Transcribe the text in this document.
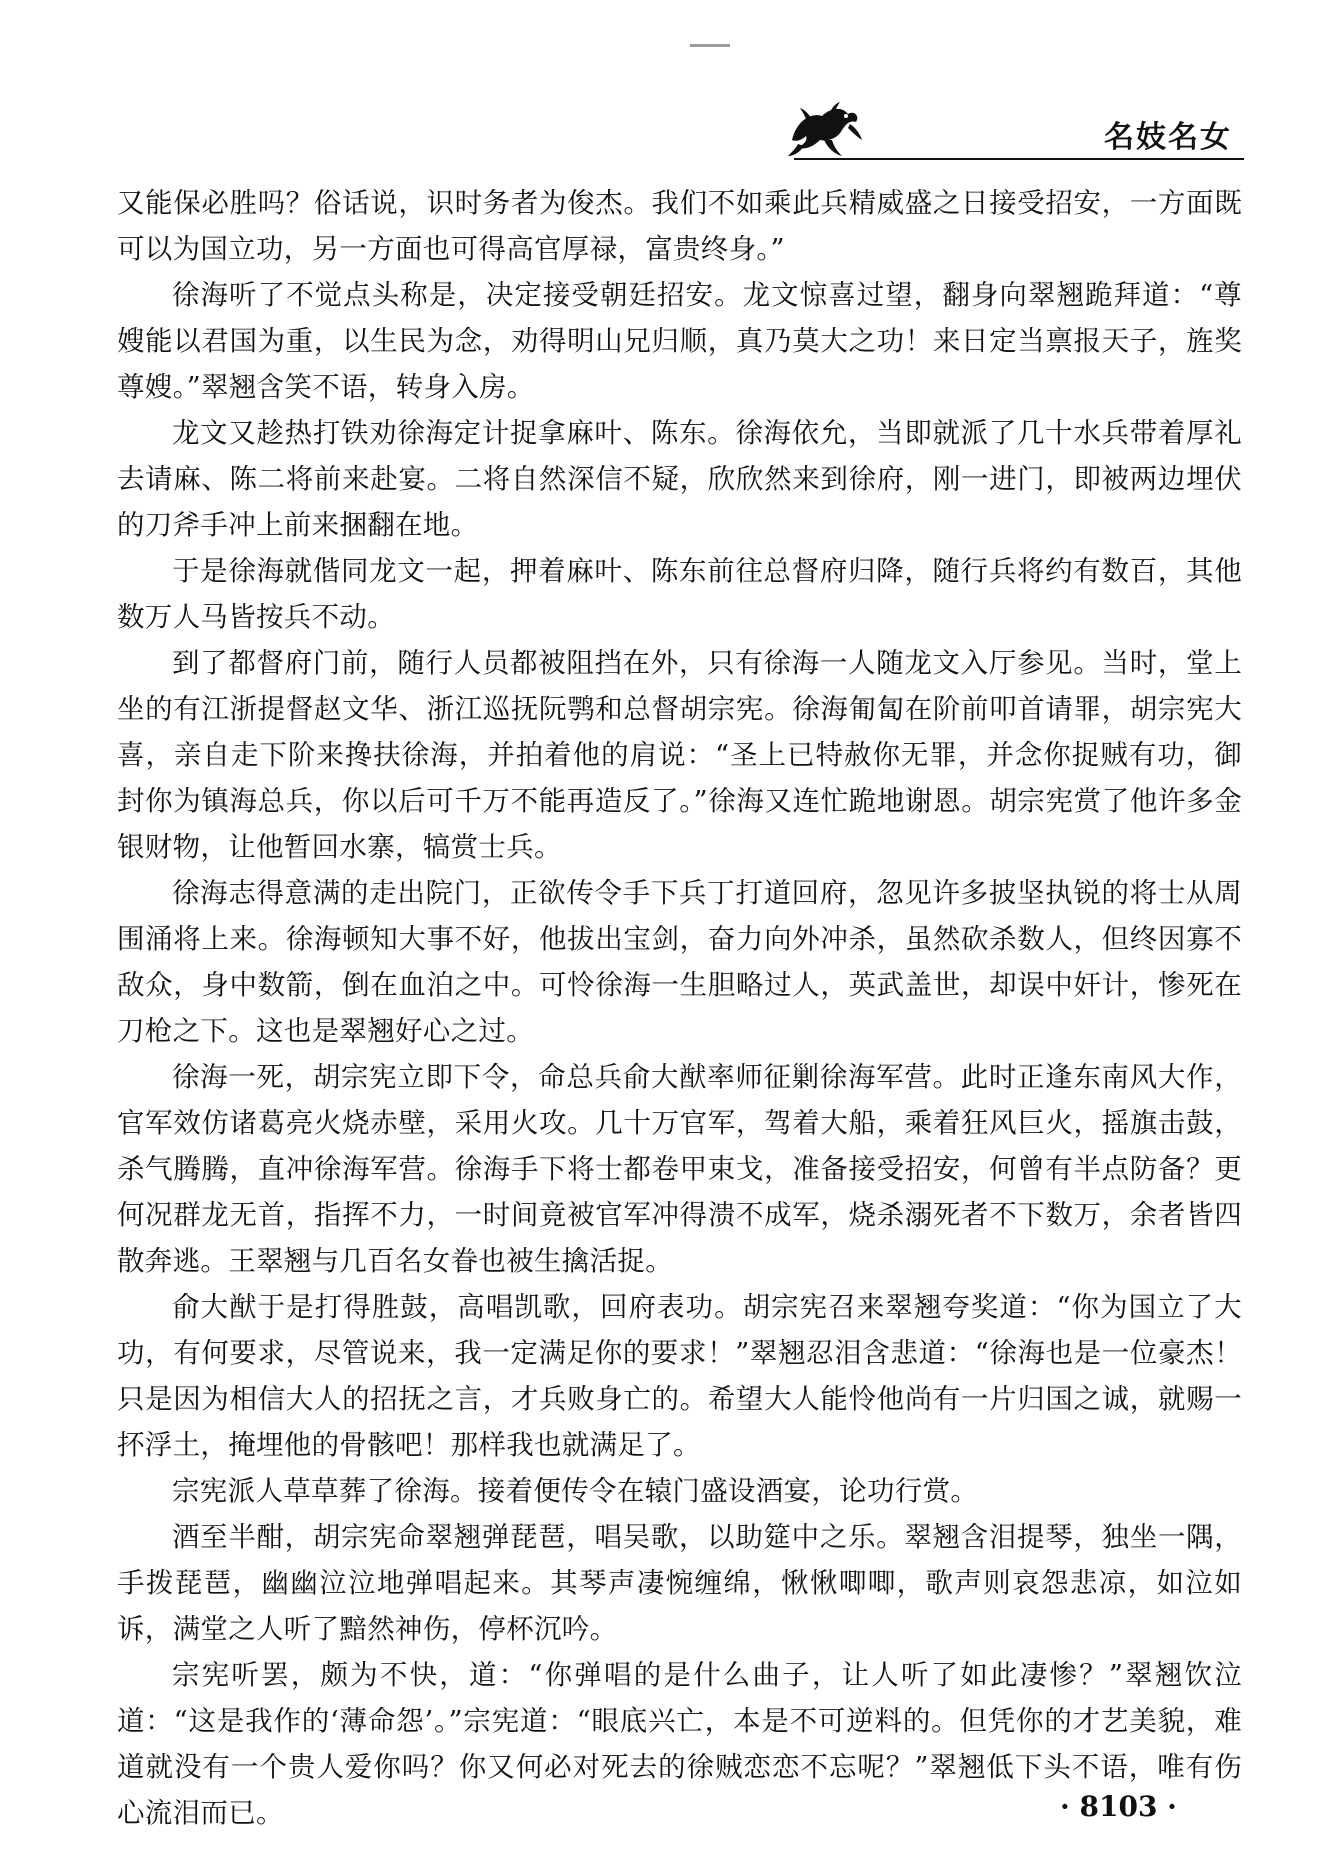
名妓名女

又能保必胜吗？俗话说，识时务者为俊杰。我们不如乘此兵精威盛之日接受招安，一方面既可以为国立功，另一方面也可得高官厚禄，富贵终身。”

徐海听了不觉点头称是，决定接受朝廷招安。龙文惊喜过望，翻身向翠翘跪拜道：“尊嫂能以君国为重，以生民为念，劝得明山兄归顺，真乃莫大之功！来日定当禀报天子，旌奖尊嫂。”翠翘含笑不语，转身入房。

龙文又趁热打铁劝徐海定计捉拿麻叶、陈东。徐海依允，当即就派了几十水兵带着厚礼去请麻、陈二将前来赴宴。二将自然深信不疑，欣欣然来到徐府，刚一进门，即被两边埋伏的刀斧手冲上前来捆翻在地。

于是徐海就偕同龙文一起，押着麻叶、陈东前往总督府归降，随行兵将约有数百，其他数万人马皆按兵不动。

到了都督府门前，随行人员都被阻挡在外，只有徐海一人随龙文入厅参见。当时，堂上坐的有江浙提督赵文华、浙江巡抚阮鹗和总督胡宗宪。徐海匍匐在阶前叩首请罪，胡宗宪大喜，亲自走下阶来搀扶徐海，并拍着他的肩说：“圣上已特赦你无罪，并念你捉贼有功，御封你为镇海总兵，你以后可千万不能再造反了。”徐海又连忙跪地谢恩。胡宗宪赏了他许多金银财物，让他暂回水寨，犒赏士兵。

徐海志得意满的走出院门，正欲传令手下兵丁打道回府，忽见许多披坚执锐的将士从周围涌将上来。徐海顿知大事不好，他拔出宝剑，奋力向外冲杀，虽然砍杀数人，但终因寡不敌众，身中数箭，倒在血泊之中。可怜徐海一生胆略过人，英武盖世，却误中奸计，惨死在刀枪之下。这也是翠翘好心之过。

徐海一死，胡宗宪立即下令，命总兵俞大猷率师征剿徐海军营。此时正逢东南风大作，官军效仿诸葛亮火烧赤壁，采用火攻。几十万官军，驾着大船，乘着狂风巨火，摇旗击鼓，杀气腾腾，直冲徐海军营。徐海手下将士都卷甲束戈，准备接受招安，何曾有半点防备？更何况群龙无首，指挥不力，一时间竟被官军冲得溃不成军，烧杀溺死者不下数万，余者皆四散奔逃。王翠翘与几百名女眷也被生擒活捉。

俞大猷于是打得胜鼓，高唱凯歌，回府表功。胡宗宪召来翠翘夸奖道：“你为国立了大功，有何要求，尽管说来，我一定满足你的要求！”翠翘忍泪含悲道：“徐海也是一位豪杰！只是因为相信大人的招抚之言，才兵败身亡的。希望大人能怜他尚有一片归国之诚，就赐一抔浮土，掩埋他的骨骸吧！那样我也就满足了。

宗宪派人草草葬了徐海。接着便传令在辕门盛设酒宴，论功行赏。

酒至半酣，胡宗宪命翠翘弹琵琶，唱吴歌，以助筵中之乐。翠翘含泪提琴，独坐一隅，手拨琵琶，幽幽泣泣地弹唱起来。其琴声凄惋缠绵，愀愀唧唧，歌声则哀怨悲凉，如泣如诉，满堂之人听了黯然神伤，停杯沉吟。

宗宪听罢，颇为不快，道：“你弹唱的是什么曲子，让人听了如此凄惨？”翠翘饮泣道：“这是我作的‘薄命怨’。”宗宪道：“眼底兴亡，本是不可逆料的。但凭你的才艺美貌，难道就没有一个贵人爱你吗？你又何必对死去的徐贼恋恋不忘呢？”翠翘低下头不语，唯有伤心流泪而已。	· 8103 ·
